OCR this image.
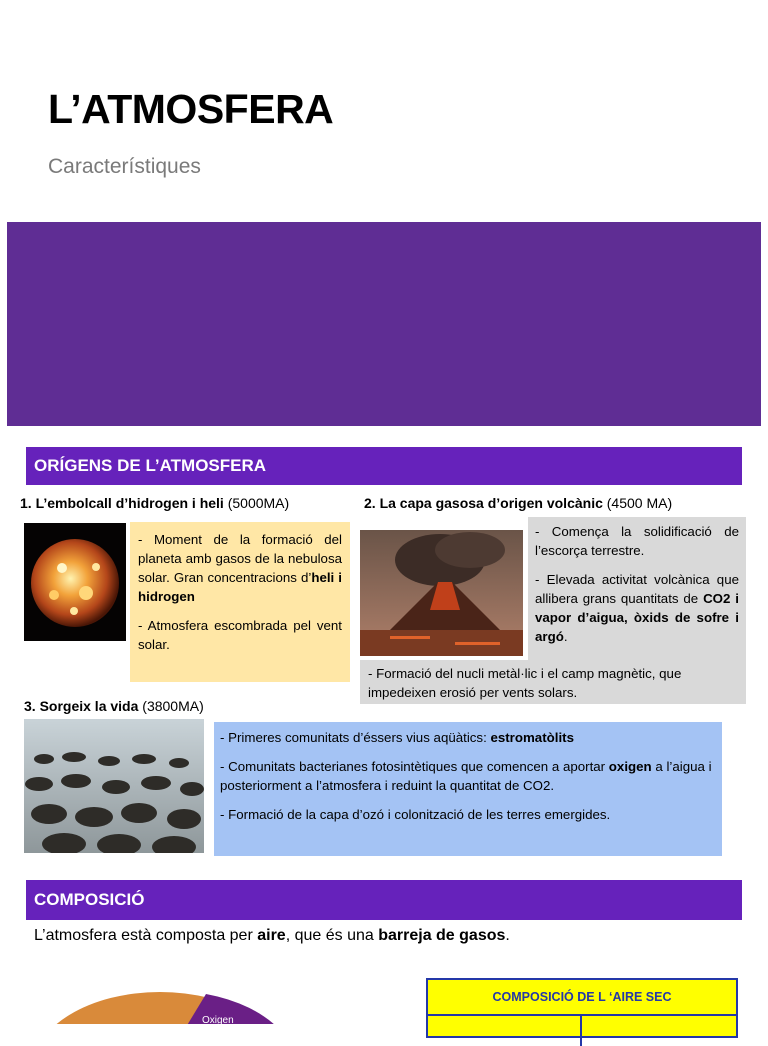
L’ATMOSFERA
Característiques
ORÍGENS DE L’ATMOSFERA
1. L’embolcall d’hidrogen i heli (5000MA)

- Moment de la formació del planeta amb gasos de la nebulosa solar. Gran concentracions d’heli i hidrogen

- Atmosfera escombrada pel vent solar.

2. La capa gasosa d’origen volcànic (4500 MA)

- Comença la solidificació de l’escorça terrestre.

- Elevada activitat volcànica que allibera grans quantitats de CO2 i vapor d’aigua, òxids de sofre i argó.

- Formació del nucli metàl·lic i el camp magnètic, que impedeixen erosió per vents solars.

3. Sorgeix la vida (3800MA)

- Primeres comunitats d’éssers vius aqüàtics: estromatòlits

- Comunitats bacterianes fotosintètiques que comencen a aportar oxigen a l’aigua i posteriorment a l’atmosfera i reduint la quantitat de CO2.

- Formació de la capa d’ozó i colonització de les terres emergides.

COMPOSICIÓ
L’atmosfera està composta per aire, que és una barreja de gasos.
Oxigen
COMPOSICIÓ DE L ‘AIRE SEC
